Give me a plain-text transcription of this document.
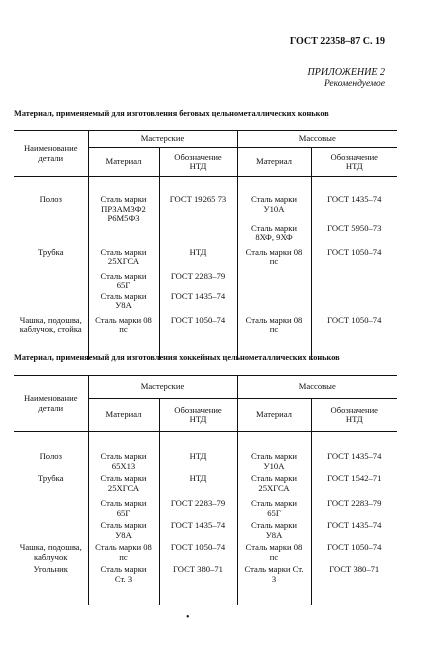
ГОСТ 22358–87 С. 19
ПРИЛОЖЕНИЕ 2
Рекомендуемое
Материал, применяемый для изготовления беговых цельнометаллических коньков
Наименование детали	Мастерские		Массовые	
	Материал	Обозначение НТД	Материал	Обозначение НТД

Полоз	Сталь марки ПРЗАМ3Ф2 Р6М5Ф3	ГОСТ 19265 73	Сталь марки У10А	ГОСТ 1435–74
			Сталь марки 8ХФ, 9ХФ	ГОСТ 5950–73
Трубка	Сталь марки 25ХГСА	НТД	Сталь марки 08 пс	ГОСТ 1050–74
	Сталь марки 65Г	ГОСТ 2283–79		
	Сталь марки У8А	ГОСТ 1435–74		
Чашка, подошва, каблучок, стойка	Сталь марки 08 пс	ГОСТ 1050–74	Сталь марки 08 пс	ГОСТ 1050–74
Материал, применяемый для изготовления хоккейных цельнометаллических коньков
Наименование детали	Мастерские		Массовые	
	Материал	Обозначение НТД	Материал	Обозначение НТД

Полоз	Сталь марки 65Х13	НТД	Сталь марки У10А	ГОСТ 1435–74
Трубка	Сталь марки 25ХГСА	НТД	Сталь марки 25ХГСА	ГОСТ 1542–71
	Сталь марки 65Г	ГОСТ 2283–79	Сталь марки 65Г	ГОСТ 2283–79
	Сталь марки У8А	ГОСТ 1435–74	Сталь марки У8А	ГОСТ 1435–74
Чашка, подошва, каблучок	Сталь марки 08 пс	ГОСТ 1050–74	Сталь марки 08 пс	ГОСТ 1050–74
Угольник	Сталь марки Ст. 3	ГОСТ 380–71	Сталь марки Ст. 3	ГОСТ 380–71
•
